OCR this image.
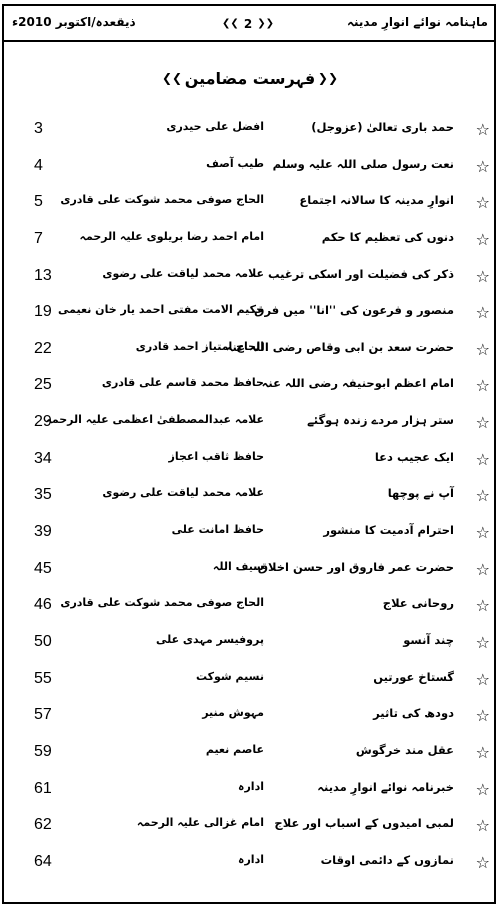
ماہنامہ نوائے انوارِ مدینہ
❮❮ 2 ❯❯
ذیقعدہ/اکتوبر 2010ء
❮❮
فہرست مضامین
❯❯
☆
حمد باری تعالیٰ (عزوجل)
افضل علی حیدری
3
☆
نعت رسول صلی اللہ علیہ وسلم
طیب آصف
4
☆
انوارِ مدینہ کا سالانہ اجتماع
الحاج صوفی محمد شوکت علی قادری
5
☆
دنوں کی تعظیم کا حکم
امام احمد رضا بریلوی علیہ الرحمہ
7
☆
ذکر کی فضیلت اور اسکی ترغیب
علامہ محمد لیاقت علی رضوی
13
☆
منصور و فرعون کی ''انا'' میں فرق
حکیم الامت مفتی احمد یار خان نعیمی
19
☆
حضرت سعد بن ابی وقاص رضی اللہ عنہ
الحاج امتیاز احمد قادری
22
☆
امام اعظم ابوحنیفہ رضی اللہ عنہ
حافظ محمد قاسم علی قادری
25
☆
ستر ہزار مردے زندہ ہوگئے
علامہ عبدالمصطفیٰ اعظمی علیہ الرحمہ
29
☆
ایک عجیب دعا
حافظ ثاقب اعجاز
34
☆
آپ نے پوچھا
علامہ محمد لیاقت علی رضوی
35
☆
احترام آدمیت کا منشور
حافظ امانت علی
39
☆
حضرت عمر فاروق اور حسن اخلاق
سیف اللہ
45
☆
روحانی علاج
الحاج صوفی محمد شوکت علی قادری
46
☆
چند آنسو
پروفیسر مہدی علی
50
☆
گستاخ عورتیں
نسیم شوکت
55
☆
دودھ کی تاثیر
مہوش منیر
57
☆
عقل مند خرگوش
عاصم نعیم
59
☆
خبرنامہ نوائے انوارِ مدینہ
ادارہ
61
☆
لمبی امیدوں کے اسباب اور علاج
امام غزالی علیہ الرحمہ
62
☆
نمازوں کے دائمی اوقات
ادارہ
64
